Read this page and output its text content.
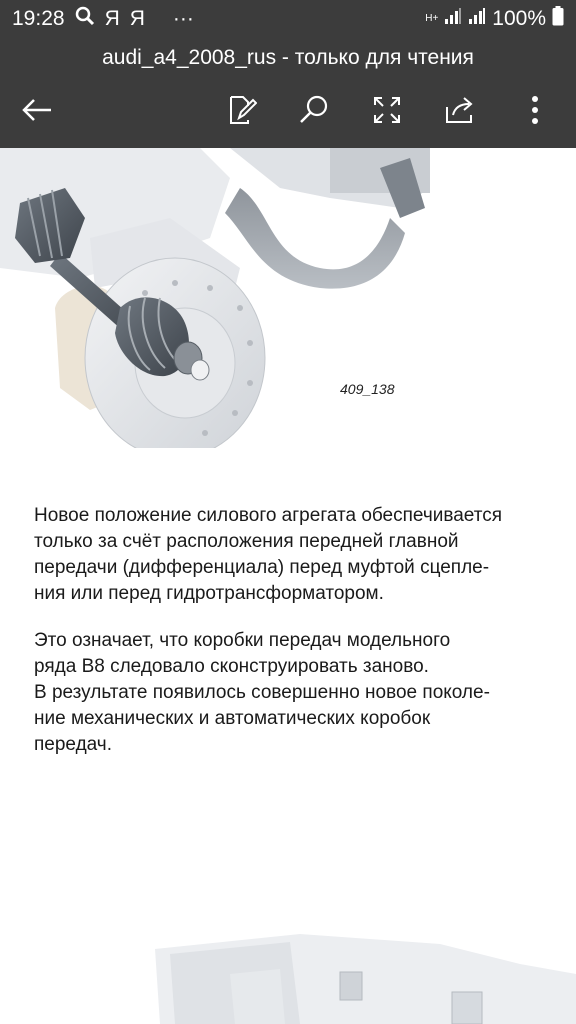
19:28 Я Я ···	H+	100%
audi_a4_2008_rus - только для чтения
409_138
Новое положение силового агрегата обеспечивается
только за счёт расположения передней главной
передачи (дифференциала) перед муфтой сцепле-
ния или перед гидротрансформатором.
Это означает, что коробки передач модельного
ряда В8 следовало сконструировать заново.
В результате появилось совершенно новое поколе-
ние механических и автоматических коробок
передач.
